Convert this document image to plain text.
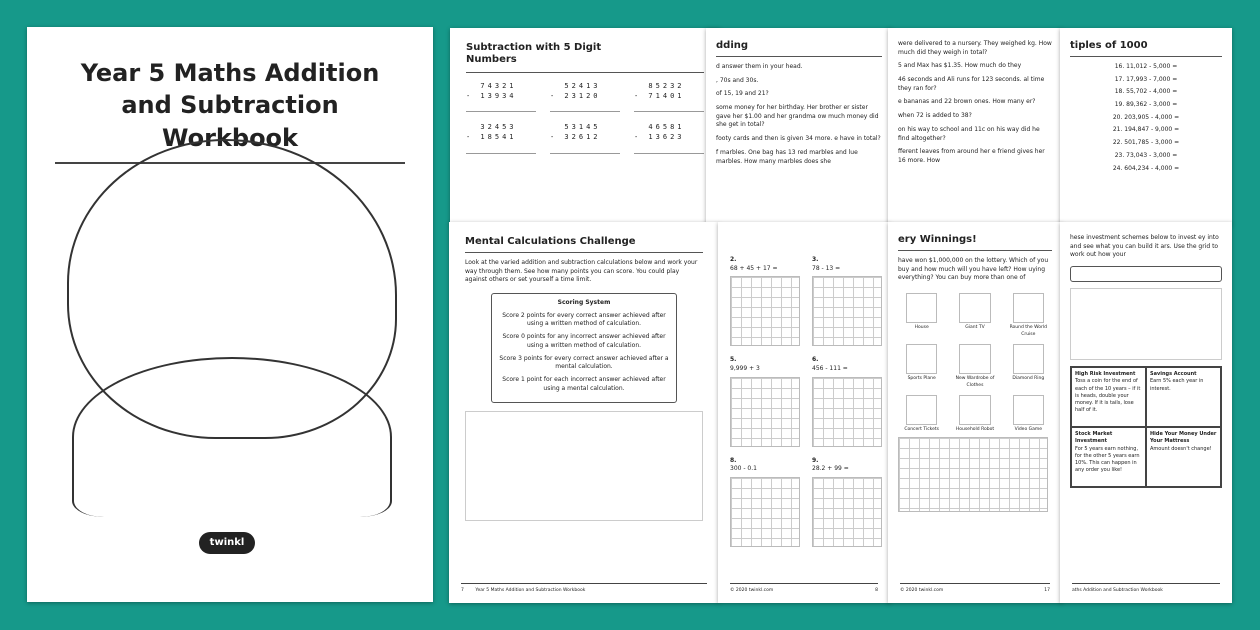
Year 5 Maths Addition and Subtraction Workbook
twinkl
Subtraction with 5 Digit Numbers
74321
- 13934
52413
- 23120
85232
- 71401
32453
- 18541
53145
- 32612
46581
- 13623
dding

d answer them in your head.

, 70s and 30s.

of 15, 19 and 21?

some money for her birthday. Her brother er sister gave her $1.00 and her grandma ow much money did she get in total?

footy cards and then is given 34 more. e have in total?

f marbles. One bag has 13 red marbles and lue marbles. How many marbles does she

were delivered to a nursery. They weighed kg. How much did they weigh in total?

5 and Max has $1.35. How much do they

46 seconds and Ali runs for 123 seconds. al time they ran for?

e bananas and 22 brown ones. How many er?

when 72 is added to 38?

on his way to school and 11c on his way did he find altogether?

fferent leaves from around her e friend gives her 16 more. How

tiples of 1000

16. 11,012 - 5,000 =

17. 17,993 - 7,000 =

18. 55,702 - 4,000 =

19. 89,362 - 3,000 =

20. 203,905 - 4,000 =

21. 194,847 - 9,000 =

22. 501,785 - 3,000 =

23. 73,043 - 3,000 =

24. 604,234 - 4,000 =

Mental Calculations Challenge

Look at the varied addition and subtraction calculations below and work your way through them. See how many points you can score. You could play against others or set yourself a time limit.

Scoring System

Score 2 points for every correct answer achieved after using a written method of calculation.

Score 0 points for any incorrect answer achieved after using a written method of calculation.

Score 3 points for every correct answer achieved after a mental calculation.

Score 1 point for each incorrect answer achieved after using a mental calculation.

7	Year 5 Maths Addition and Subtraction Workbook
2.
68 + 45 + 17 =
3.
78 - 13 =
5.
9,999 + 3
6.
456 - 111 =
8.
300 - 0.1
9.
28.2 + 99 =
© 2020 twinkl.com	8
ery Winnings!

have won $1,000,000 on the lottery. Which of you buy and how much will you have left? How uying everything? You can buy more than one of

House	Giant TV	Round the World Cruise
Sports Plane	New Wardrobe of Clothes
Diamond Ring
Concert Tickets	Household Robot	Video Game
© 2020 twinkl.com	17

hese investment schemes below to invest ey into and see what you can build it ars. Use the grid to work out how your

High Risk Investment
Toss a coin for the end of each of the 10 years – if it is heads, double your money. If it is tails, lose half of it.
Savings Account
Earn 5% each year in interest.
Stock Market Investment
For 5 years earn nothing, for the other 5 years earn 10%. This can happen in any order you like!
Hide Your Money Under Your Mattress
Amount doesn't change!
aths Addition and Subtraction Workbook
